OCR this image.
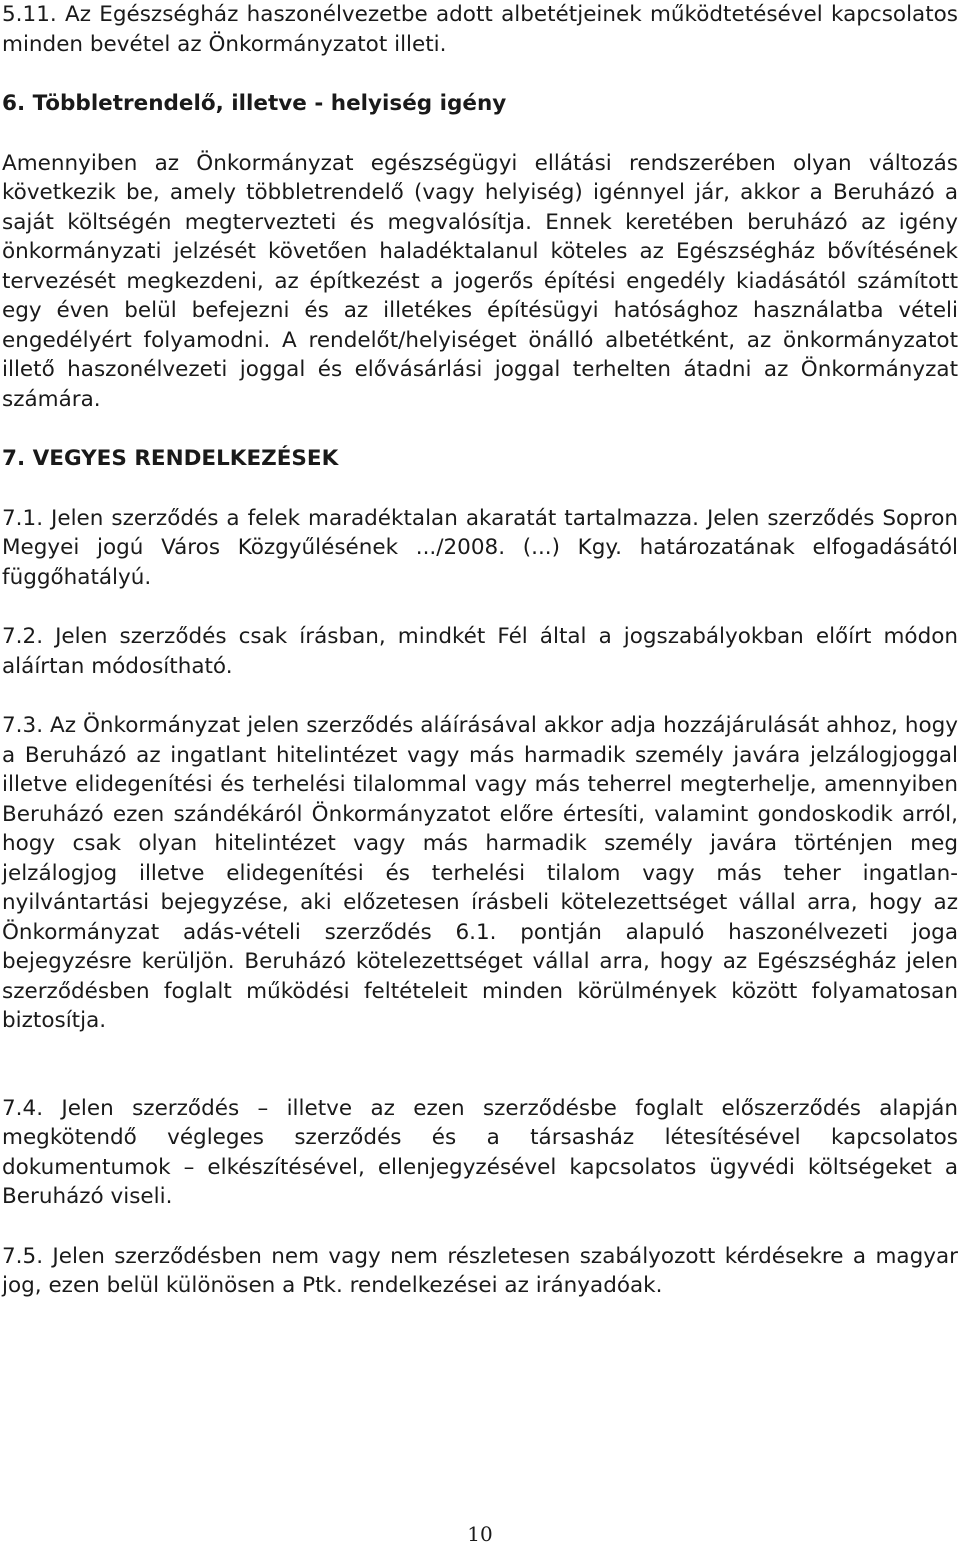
5.11. Az Egészségház haszonélvezetbe adott albetétjeinek működtetésével kapcsolatos minden bevétel az Önkormányzatot illeti.

6. Többletrendelő, illetve - helyiség igény

Amennyiben az Önkormányzat egészségügyi ellátási rendszerében olyan változás következik be, amely többletrendelő (vagy helyiség) igénnyel jár, akkor a Beruházó a saját költségén megtervezteti és megvalósítja. Ennek keretében beruházó az igény önkormányzati jelzését követően haladéktalanul köteles az Egészségház bővítésének tervezését megkezdeni, az építkezést a jogerős építési engedély kiadásától számított egy éven belül befejezni és az illetékes építésügyi hatósághoz használatba vételi engedélyért folyamodni. A rendelőt/helyiséget önálló albetétként, az önkormányzatot illető haszonélvezeti joggal és elővásárlási joggal terhelten átadni az Önkormányzat számára.

7. VEGYES RENDELKEZÉSEK

7.1. Jelen szerződés a felek maradéktalan akaratát tartalmazza. Jelen szerződés Sopron Megyei jogú Város Közgyűlésének .../2008. (...) Kgy. határozatának elfogadásától függőhatályú.

7.2. Jelen szerződés csak írásban, mindkét Fél által a jogszabályokban előírt módon aláírtan módosítható.

7.3. Az Önkormányzat jelen szerződés aláírásával akkor adja hozzájárulását ahhoz, hogy a Beruházó az ingatlant hitelintézet vagy más harmadik személy javára jelzálogjoggal illetve elidegenítési és terhelési tilalommal vagy más teherrel megterhelje, amennyiben Beruházó ezen szándékáról Önkormányzatot előre értesíti, valamint gondoskodik arról, hogy csak olyan hitelintézet vagy más harmadik személy javára történjen meg jelzálogjog illetve elidegenítési és terhelési tilalom vagy más teher ingatlan-nyilvántartási bejegyzése, aki előzetesen írásbeli kötelezettséget vállal arra, hogy az Önkormányzat adás-vételi szerződés 6.1. pontján alapuló haszonélvezeti joga bejegyzésre kerüljön. Beruházó kötelezettséget vállal arra, hogy az Egészségház jelen szerződésben foglalt működési feltételeit minden körülmények között folyamatosan biztosítja.

7.4. Jelen szerződés – illetve az ezen szerződésbe foglalt előszerződés alapján megkötendő végleges szerződés és a társasház létesítésével kapcsolatos dokumentumok – elkészítésével, ellenjegyzésével kapcsolatos ügyvédi költségeket a Beruházó viseli.

7.5. Jelen szerződésben nem vagy nem részletesen szabályozott kérdésekre a magyar jog, ezen belül különösen a Ptk. rendelkezései az irányadóak.

10
